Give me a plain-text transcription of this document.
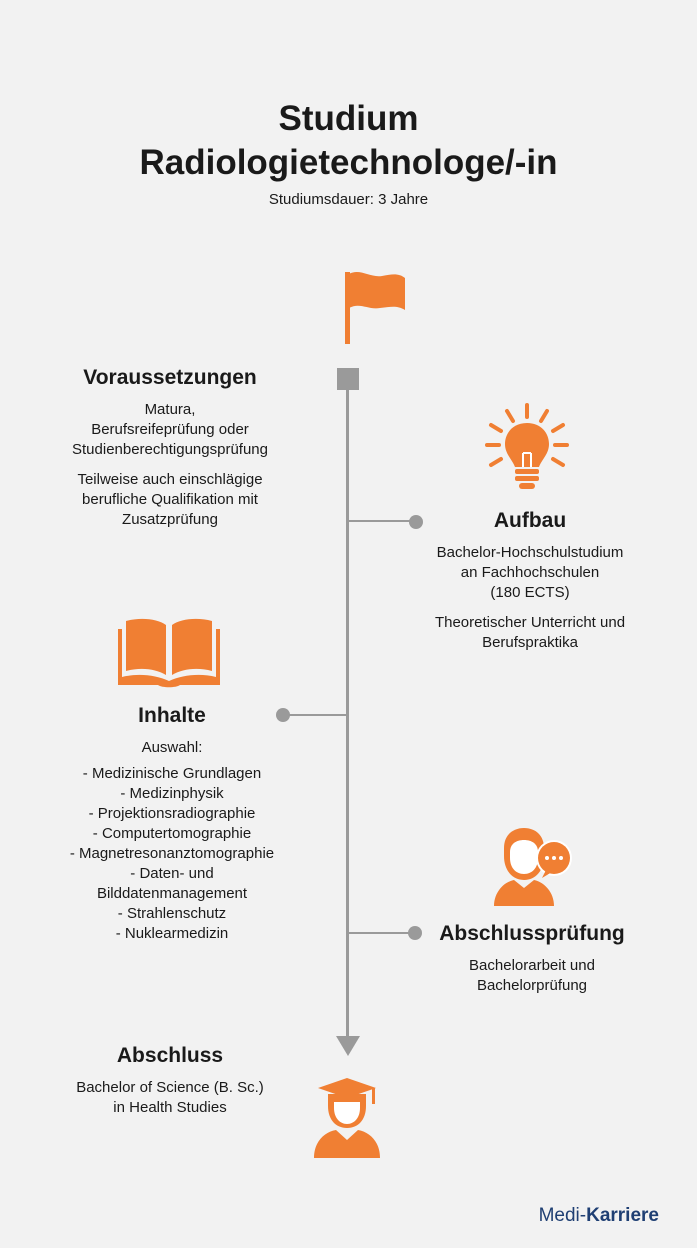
Studium
Radiologietechnologe/-in
Studiumsdauer: 3 Jahre
Voraussetzungen
Matura,
Berufsreifeprüfung oder
Studienberechtigungsprüfung
Teilweise auch einschlägige
berufliche Qualifikation mit
Zusatzprüfung	Aufbau
Bachelor-Hochschulstudium
an Fachhochschulen
(180 ECTS)
Theoretischer Unterricht und
Berufspraktika
Inhalte
Auswahl:
- Medizinische Grundlagen
- Medizinphysik
- Projektionsradiographie
- Computertomographie
- Magnetresonanztomographie
- Daten- und
Bilddatenmanagement
- Strahlenschutz
- Nuklearmedizin	Abschlussprüfung
Bachelorarbeit und
Bachelorprüfung
Abschluss
Bachelor of Science (B. Sc.)
in Health Studies
Medi-Karriere
